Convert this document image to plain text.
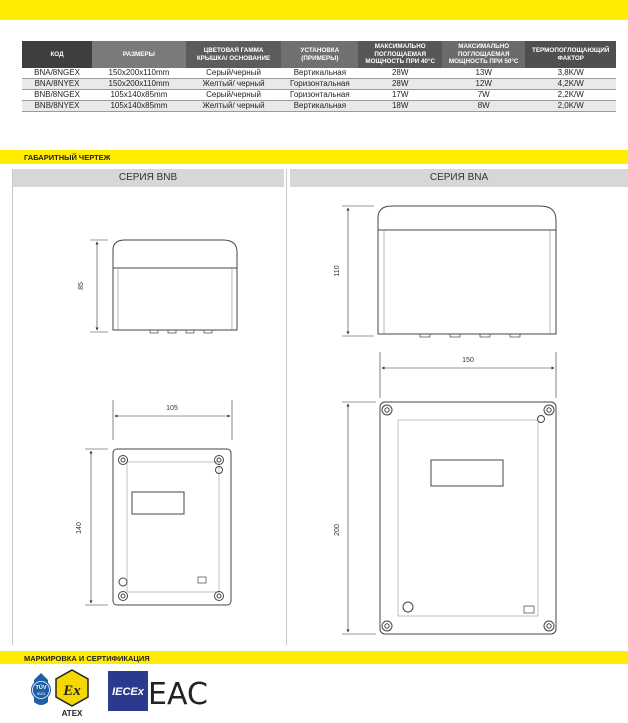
КОД	РАЗМЕРЫ	ЦВЕТОВАЯ ГАММА КРЫШКА/ ОСНОВАНИЕ	УСТАНОВКА (ПРИМЕРЫ)	МАКСИМАЛЬНО ПОГЛОЩАЕМАЯ МОЩНОСТЬ ПРИ 40°C	МАКСИМАЛЬНО ПОГЛОЩАЕМАЯ МОЩНОСТЬ ПРИ 50°C	ТЕРМОПОГЛОЩАЮЩИЙ ФАКТОР
BNA/8NGEX	150x200x110mm	Серый/черный	Вертикальная	28W	13W	3,8K/W
BNA/8NYEX	150x200x110mm	Желтый/ черный	Горизонтальная	28W	12W	4,2K/W
BNB/8NGEX	105x140x85mm	Серый/черный	Горизонтальная	17W	7W	2,2K/W
BNB/8NYEX	105x140x85mm	Желтый/ черный	Вертикальная	18W	8W	2,0K/W
ГАБАРИТНЫЙ ЧЕРТЕЖ
СЕРИЯ BNB	СЕРИЯ BNA
85
105
140
110
150
200
МАРКИРОВКА И СЕРТИФИКАЦИЯ
TÜV
SÜD Ex
ATEX
IECEx EAC
